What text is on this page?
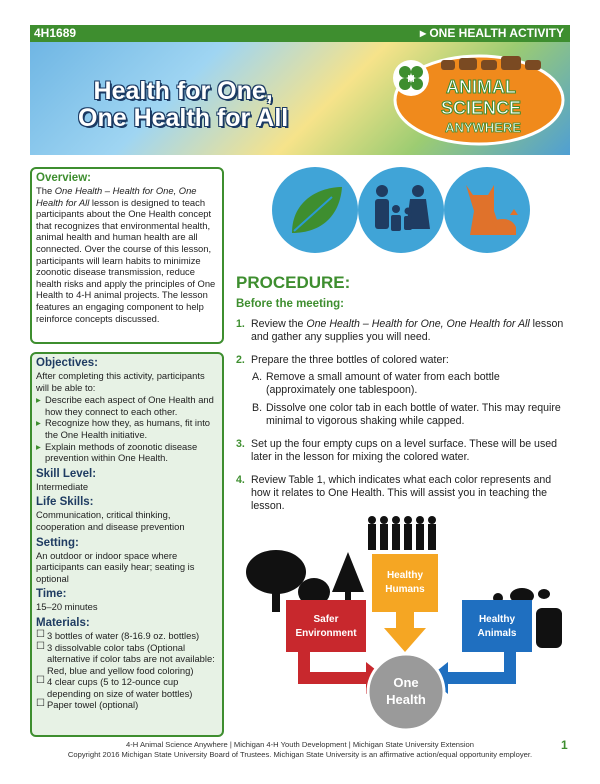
4H1689	▸ ONE HEALTH ACTIVITY
Health for One,
One Health for All
H ANIMAL
SCIENCE
ANYWHERE
Overview:
The One Health – Health for One, One Health for All lesson is designed to teach participants about the One Health concept that recognizes that environmental health, animal health and human health are all connected. Over the course of this lesson, participants will learn habits to minimize zoonotic disease transmission, reduce health risks and apply the principles of One Health to 4-H animal projects. The lesson features an engaging component to help reinforce concepts discussed.
Objectives:
After completing this activity, participants will be able to:
▸ Describe each aspect of One Health and how they connect to each other.
▸ Recognize how they, as humans, fit into the One Health initiative.
▸ Explain methods of zoonotic disease prevention within One Health.
Skill Level:
Intermediate
Life Skills:
Communication, critical thinking, cooperation and disease prevention
Setting:
An outdoor or indoor space where participants can easily hear; seating is optional
Time:
15–20 minutes
Materials:
☐ 3 bottles of water (8-16.9 oz. bottles)
☐ 3 dissolvable color tabs (Optional alternative if color tabs are not available: Red, blue and yellow food coloring)
☐ 4 clear cups (5 to 12-ounce cup depending on size of water bottles)
☐ Paper towel (optional)
PROCEDURE:
Before the meeting:
1. Review the One Health – Health for One, One Health for All lesson and gather any supplies you will need.
2. Prepare the three bottles of colored water:
A. Remove a small amount of water from each bottle (approximately one tablespoon).
B. Dissolve one color tab in each bottle of water. This may require minimal to vigorous shaking while capped.
3. Set up the four empty cups on a level surface. These will be used later in the lesson for mixing the colored water.
4. Review Table 1, which indicates what each color represents and how it relates to One Health. This will assist you in teaching the lesson.
Safer
Environment
Healthy
Humans
Healthy
Animals
One
Health
4-H Animal Science Anywhere | Michigan 4-H Youth Development | Michigan State University Extension
Copyright 2016 Michigan State University Board of Trustees. Michigan State University is an affirmative action/equal opportunity employer.
1
